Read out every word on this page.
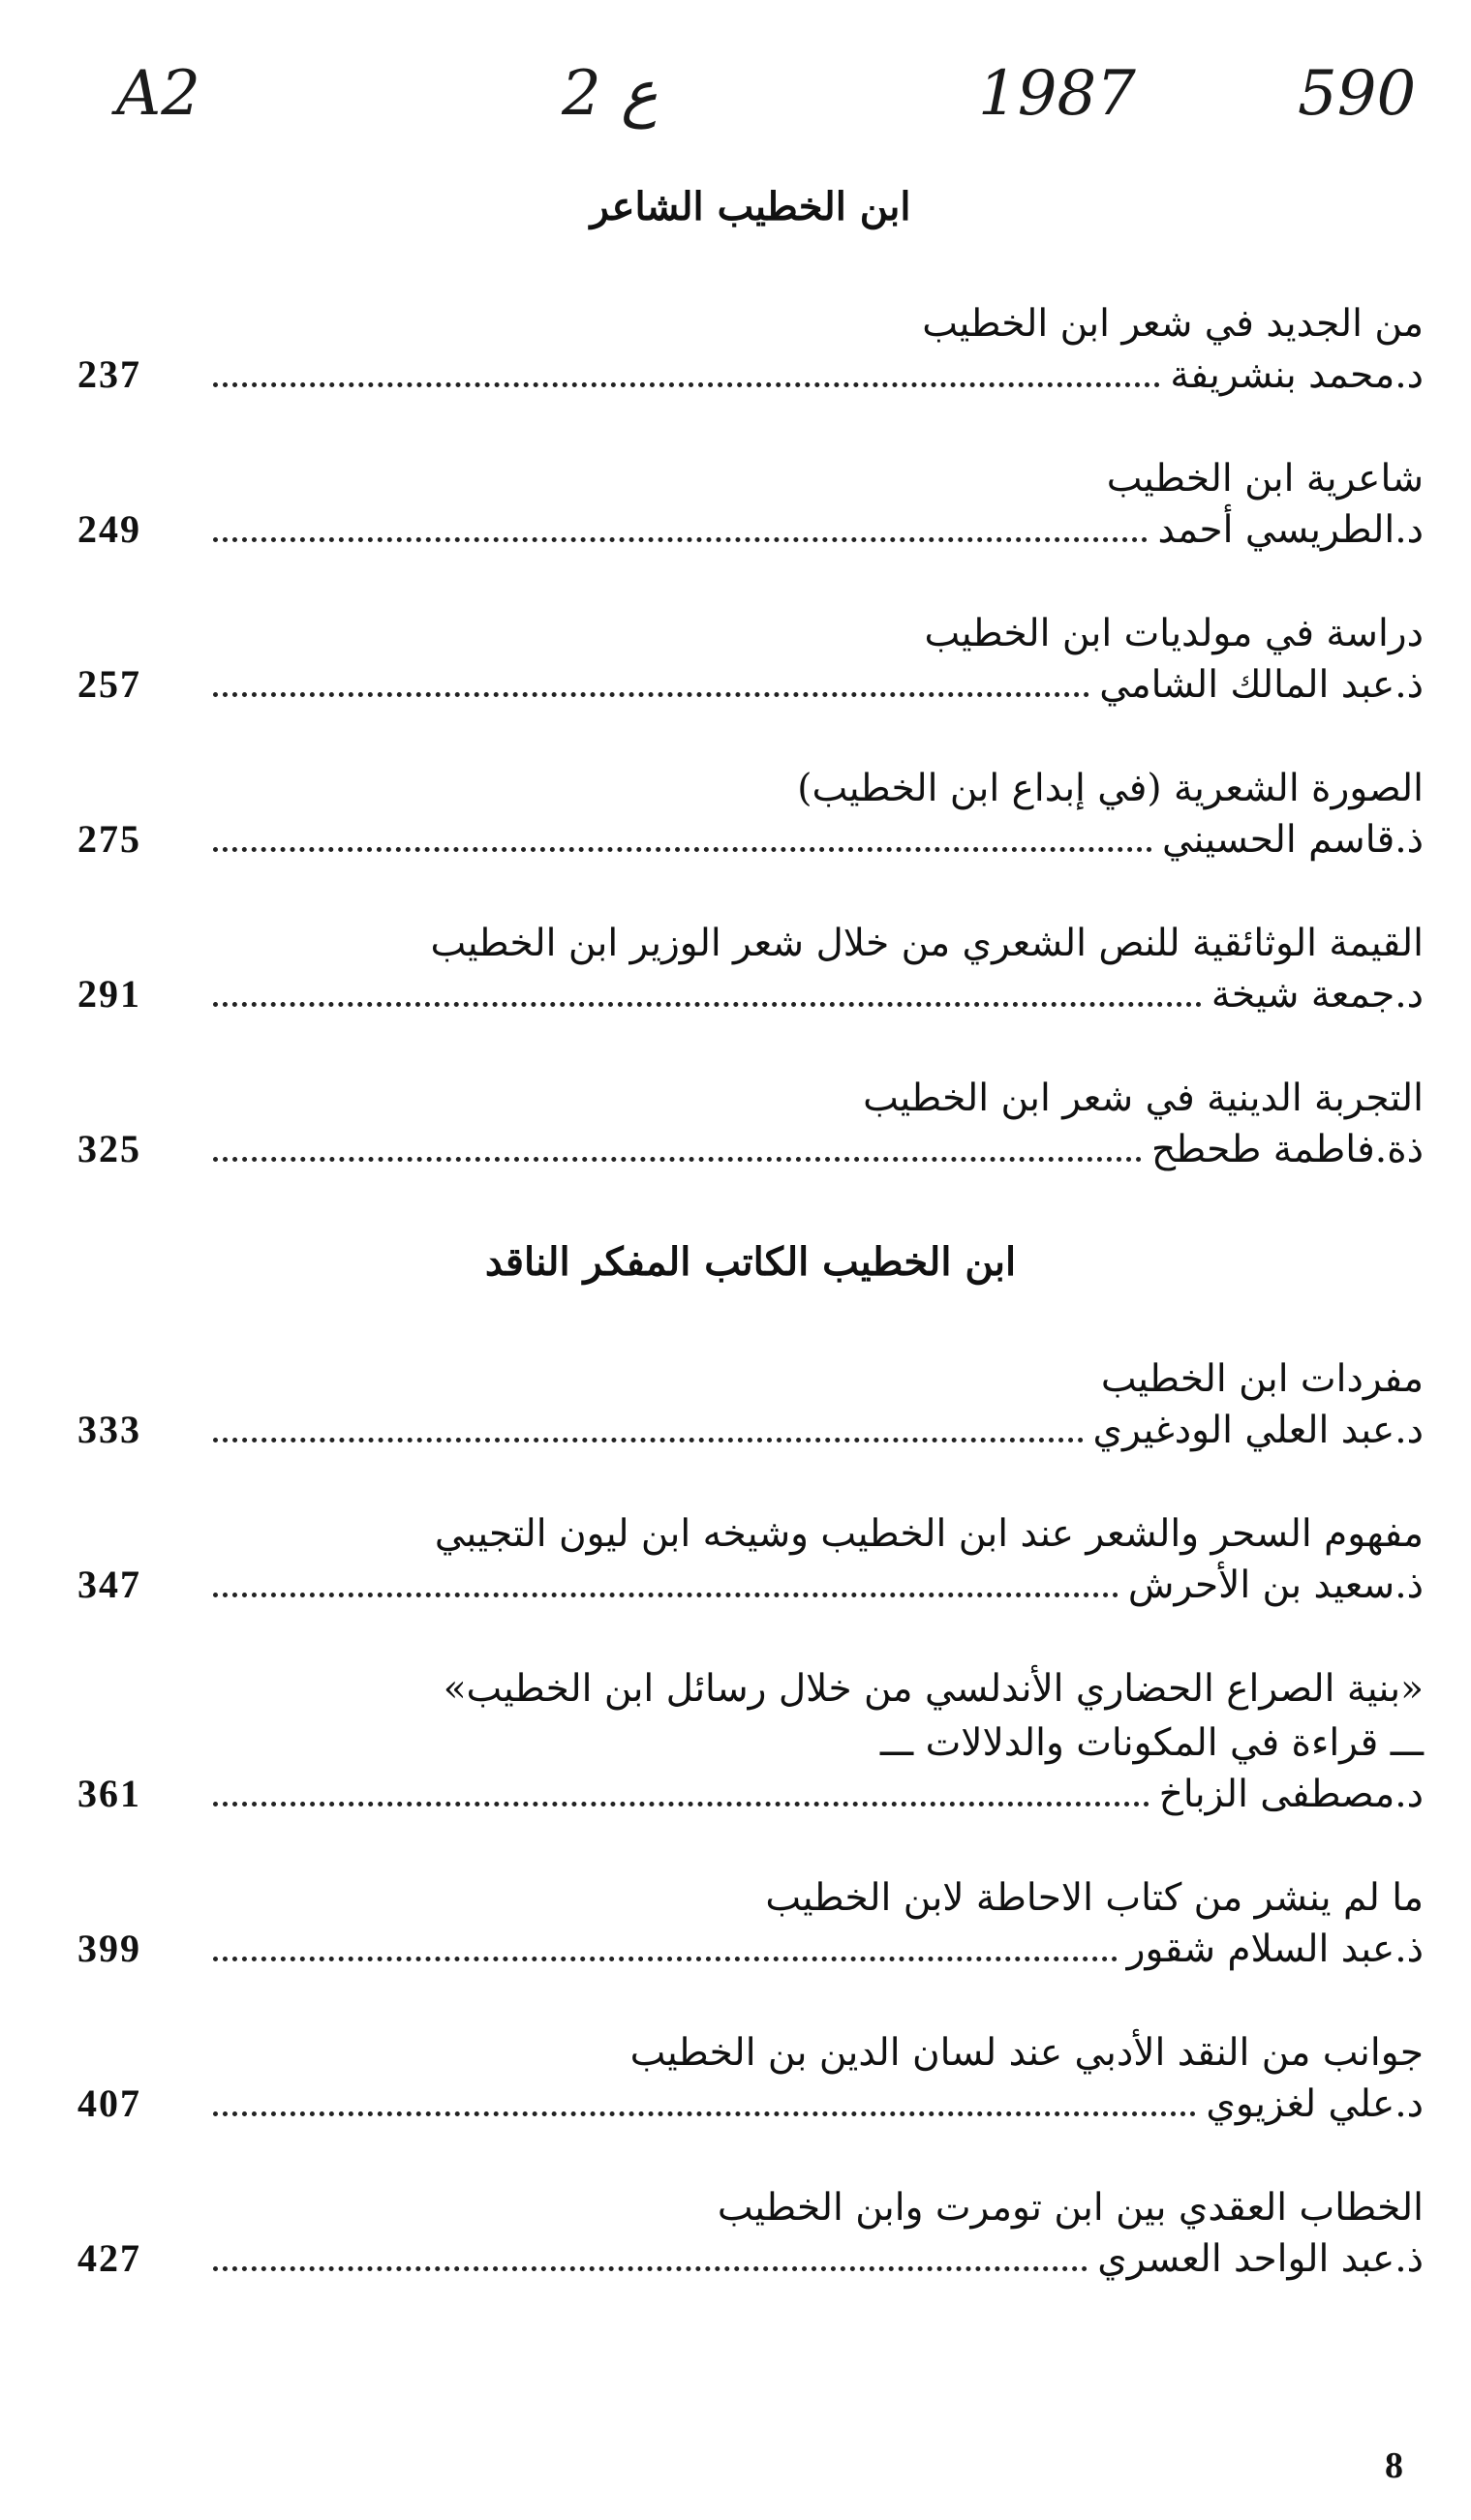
A2	2 ع	1987	590
ابن الخطيب الشاعر
من الجديد في شعر ابن الخطيب
237	د.محمد بنشريفة
شاعرية ابن الخطيب
249	د.الطريسي أحمد
دراسة في مولديات ابن الخطيب
257	ذ.عبد المالك الشامي
الصورة الشعرية (في إبداع ابن الخطيب)
275	ذ.قاسم الحسيني
القيمة الوثائقية للنص الشعري من خلال شعر الوزير ابن الخطيب
291	د.جمعة شيخة
التجربة الدينية في شعر ابن الخطيب
325	ذة.فاطمة طحطح
ابن الخطيب الكاتب المفكر الناقد
مفردات ابن الخطيب
333	د.عبد العلي الودغيري
مفهوم السحر والشعر عند ابن الخطيب وشيخه ابن ليون التجيبي
347	ذ.سعيد بن الأحرش
«بنية الصراع الحضاري الأندلسي من خلال رسائل ابن الخطيب»
ـــ قراءة في المكونات والدلالات ـــ
361	د.مصطفى الزباخ
ما لم ينشر من كتاب الاحاطة لابن الخطيب
399	ذ.عبد السلام شقور
جوانب من النقد الأدبي عند لسان الدين بن الخطيب
407	د.علي لغزيوي
الخطاب العقدي بين ابن تومرت وابن الخطيب
427	ذ.عبد الواحد العسري
8
